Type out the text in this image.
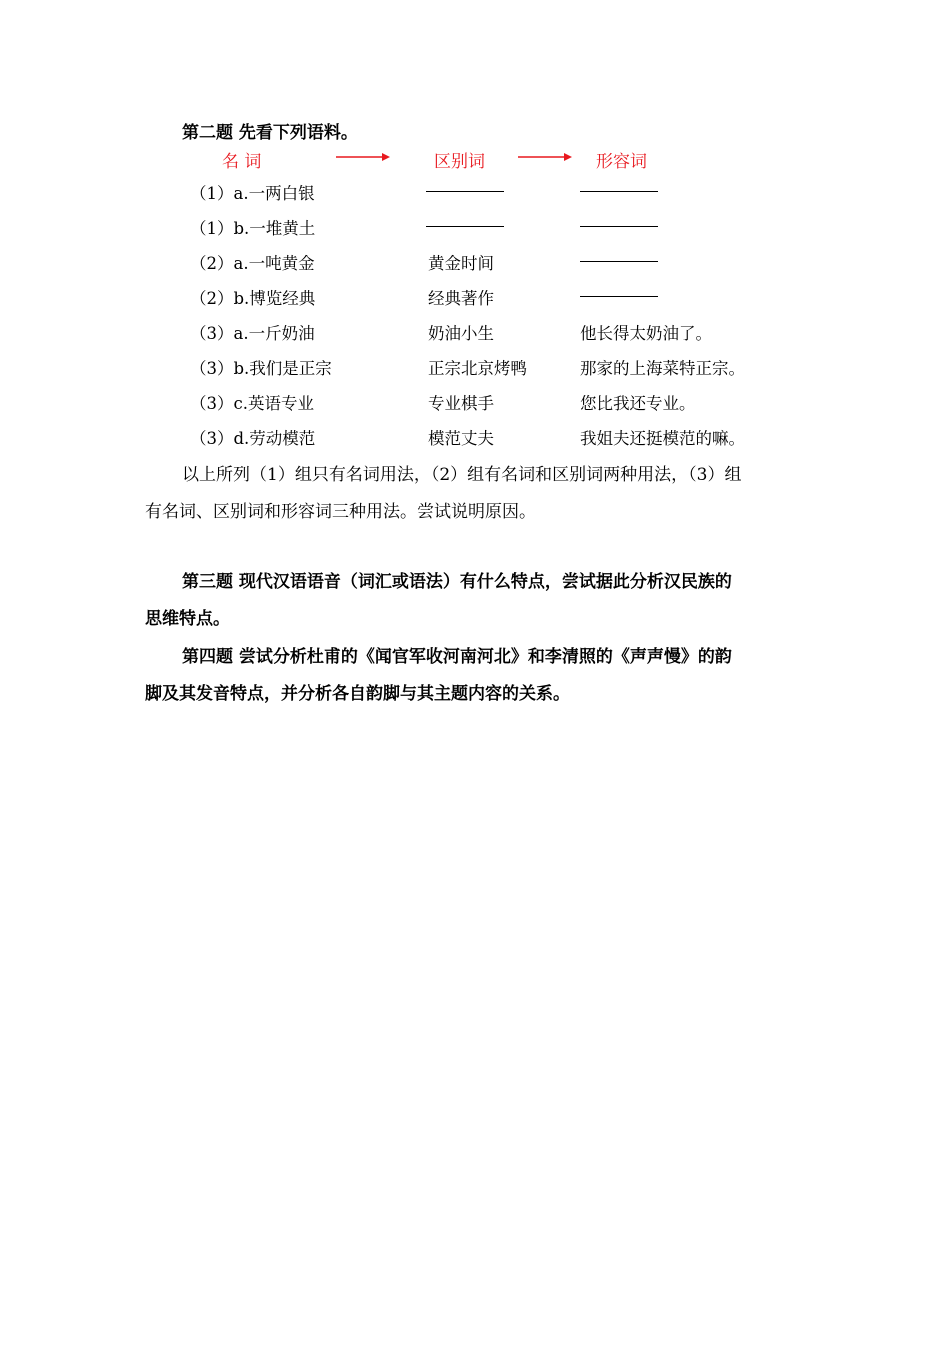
第二题 先看下列语料。
名 词	区别词	形容词
（1）a.一两白银
（1）b.一堆黄土
（2）a.一吨黄金	黄金时间
（2）b.博览经典	经典著作
（3）a.一斤奶油	奶油小生	他长得太奶油了。
（3）b.我们是正宗	正宗北京烤鸭	那家的上海菜特正宗。
（3）c.英语专业	专业棋手	您比我还专业。
（3）d.劳动模范	模范丈夫	我姐夫还挺模范的嘛。
以上所列（1）组只有名词用法，（2）组有名词和区别词两种用法，（3）组
有名词、区别词和形容词三种用法。尝试说明原因。
第三题 现代汉语语音（词汇或语法）有什么特点，尝试据此分析汉民族的
思维特点。
第四题 尝试分析杜甫的《闻官军收河南河北》和李清照的《声声慢》的韵
脚及其发音特点，并分析各自韵脚与其主题内容的关系。
